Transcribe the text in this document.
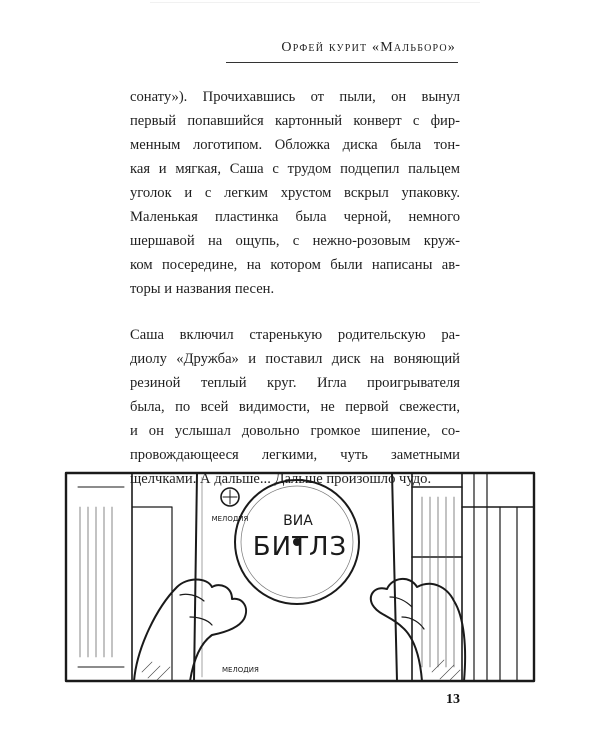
Орфей курит «Мальборо»

сонату»). Прочихавшись от пыли, он вынул
первый попавшийся картонный конверт с фир-
менным логотипом. Обложка диска была тон-
кая и мягкая, Саша с трудом подцепил пальцем
уголок и с легким хрустом вскрыл упаковку.
Маленькая пластинка была черной, немного
шершавой на ощупь, с нежно-розовым круж-
ком посередине, на котором были написаны ав-
торы и названия песен.

Саша включил старенькую родительскую ра-
диолу «Дружба» и поставил диск на воняющий
резиной теплый круг. Игла проигрывателя
была, по всей видимости, не первой свежести,
и он услышал довольно громкое шипение, со-
провождающееся легкими, чуть заметными
щелчками. А дальше... Дальше произошло чудо.

ВИА
БИТЛЗ
МЕЛОДИЯ
МЕЛОДИЯ
13
